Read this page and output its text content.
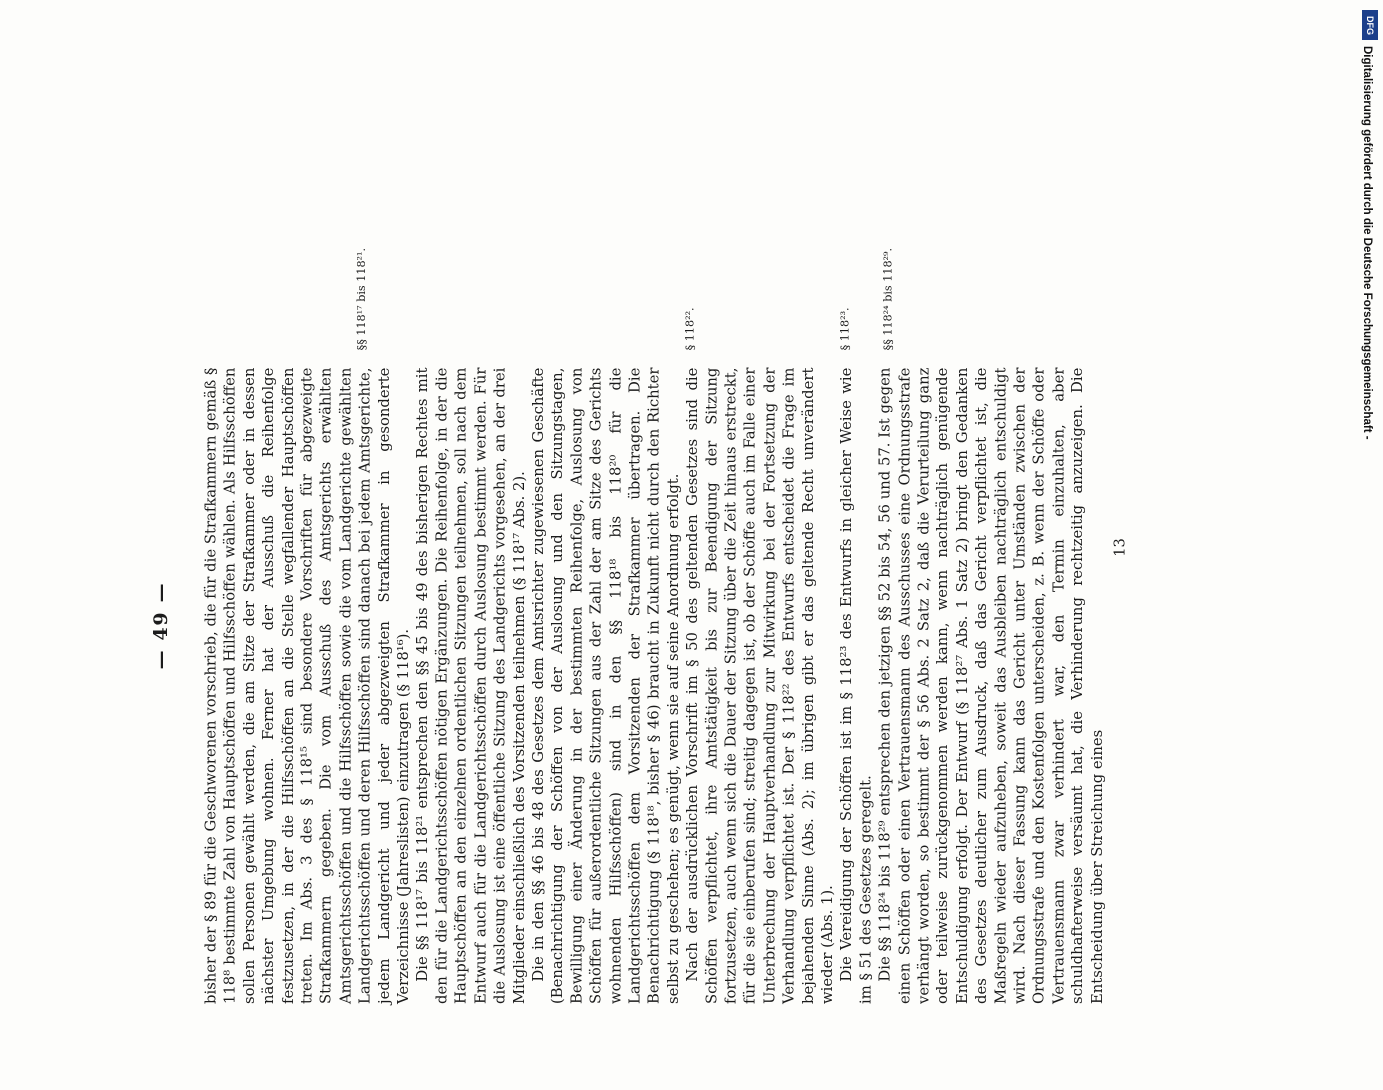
— 49 — bisher der § 89 für die Geschworenen vorschrieb, die für die Strafkammern gemäß § 118⁸ bestimmte Zahl von Hauptschöffen und Hilfsschöffen wählen. Als Hilfsschöffen sollen Personen gewählt werden, die am Sitze der Strafkammer oder in dessen nächster Umgebung wohnen. Ferner hat der Ausschuß die Reihenfolge festzusetzen, in der die Hilfsschöffen an die Stelle wegfallender Hauptschöffen treten. Im Abs. 3 des § 118¹⁵ sind besondere Vorschriften für abgezweigte Strafkammern gegeben. Die vom Ausschuß des Amtsgerichts erwählten Amtsgerichtsschöffen und die Hilfsschöffen sowie die vom Landgerichte gewählten Landgerichtsschöffen und deren Hilfsschöffen sind danach bei jedem Amtsgerichte, jedem Landgericht und jeder abgezweigten Strafkammer in gesonderte Verzeichnisse (Jahreslisten) einzutragen (§ 118¹⁶). Die §§ 118¹⁷ bis 118²¹ entsprechen den §§ 45 bis 49 des bisherigen Rechtes mit den für die Landgerichtsschöffen nötigen Ergänzungen. Die Reihenfolge, in der die Hauptschöffen an den einzelnen ordentlichen Sitzungen teilnehmen, soll nach dem Entwurf auch für die Landgerichtsschöffen durch Auslosung bestimmt werden. Für die Auslosung ist eine öffentliche Sitzung des Landgerichts vorgesehen, an der drei Mitglieder einschließlich des Vorsitzenden teilnehmen (§ 118¹⁷ Abs. 2). Die in den §§ 46 bis 48 des Gesetzes dem Amtsrichter zugewiesenen Geschäfte (Benachrichtigung der Schöffen von der Auslosung und den Sitzungstagen, Bewilligung einer Änderung in der bestimmten Reihenfolge, Auslosung von Schöffen für außerordentliche Sitzungen aus der Zahl der am Sitze des Gerichts wohnenden Hilfsschöffen) sind in den §§ 118¹⁸ bis 118²⁰ für die Landgerichtsschöffen dem Vorsitzenden der Strafkammer übertragen. Die Benachrichtigung (§ 118¹⁸, bisher § 46) braucht in Zukunft nicht durch den Richter selbst zu geschehen; es genügt, wenn sie auf seine Anordnung erfolgt. Nach der ausdrücklichen Vorschrift im § 50 des geltenden Gesetzes sind die Schöffen verpflichtet, ihre Amtstätigkeit bis zur Beendigung der Sitzung fortzusetzen, auch wenn sich die Dauer der Sitzung über die Zeit hinaus erstreckt, für die sie einberufen sind; streitig dagegen ist, ob der Schöffe auch im Falle einer Unterbrechung der Hauptverhandlung zur Mitwirkung bei der Fortsetzung der Verhandlung verpflichtet ist. Der § 118²² des Entwurfs entscheidet die Frage im bejahenden Sinne (Abs. 2); im übrigen gibt er das geltende Recht unverändert wieder (Abs. 1). Die Vereidigung der Schöffen ist im § 118²³ des Entwurfs in gleicher Weise wie im § 51 des Gesetzes geregelt. Die §§ 118²⁴ bis 118²⁹ entsprechen den jetzigen §§ 52 bis 54, 56 und 57. Ist gegen einen Schöffen oder einen Vertrauensmann des Ausschusses eine Ordnungsstrafe verhängt worden, so bestimmt der § 56 Abs. 2 Satz 2, daß die Verurteilung ganz oder teilweise zurückgenommen werden kann, wenn nachträglich genügende Entschuldigung erfolgt. Der Entwurf (§ 118²⁷ Abs. 1 Satz 2) bringt den Gedanken des Gesetzes deutlicher zum Ausdruck, daß das Gericht verpflichtet ist, die Maßregeln wieder aufzuheben, soweit das Ausbleiben nachträglich entschuldigt wird. Nach dieser Fassung kann das Gericht unter Umständen zwischen der Ordnungsstrafe und den Kostenfolgen unterscheiden, z. B. wenn der Schöffe oder Vertrauensmann zwar verhindert war, den Termin einzuhalten, aber schuldhafterweise versäumt hat, die Verhinderung rechtzeitig anzuzeigen. Die Entscheidung über Streichung eines

§§ 118¹⁷ bis 118²¹.	§ 118²².	§ 118²³. §§ 118²⁴ bis 118²⁹.
13
DFG
Digitalisierung gefördert durch die Deutsche Forschungsgemeinschaft -
